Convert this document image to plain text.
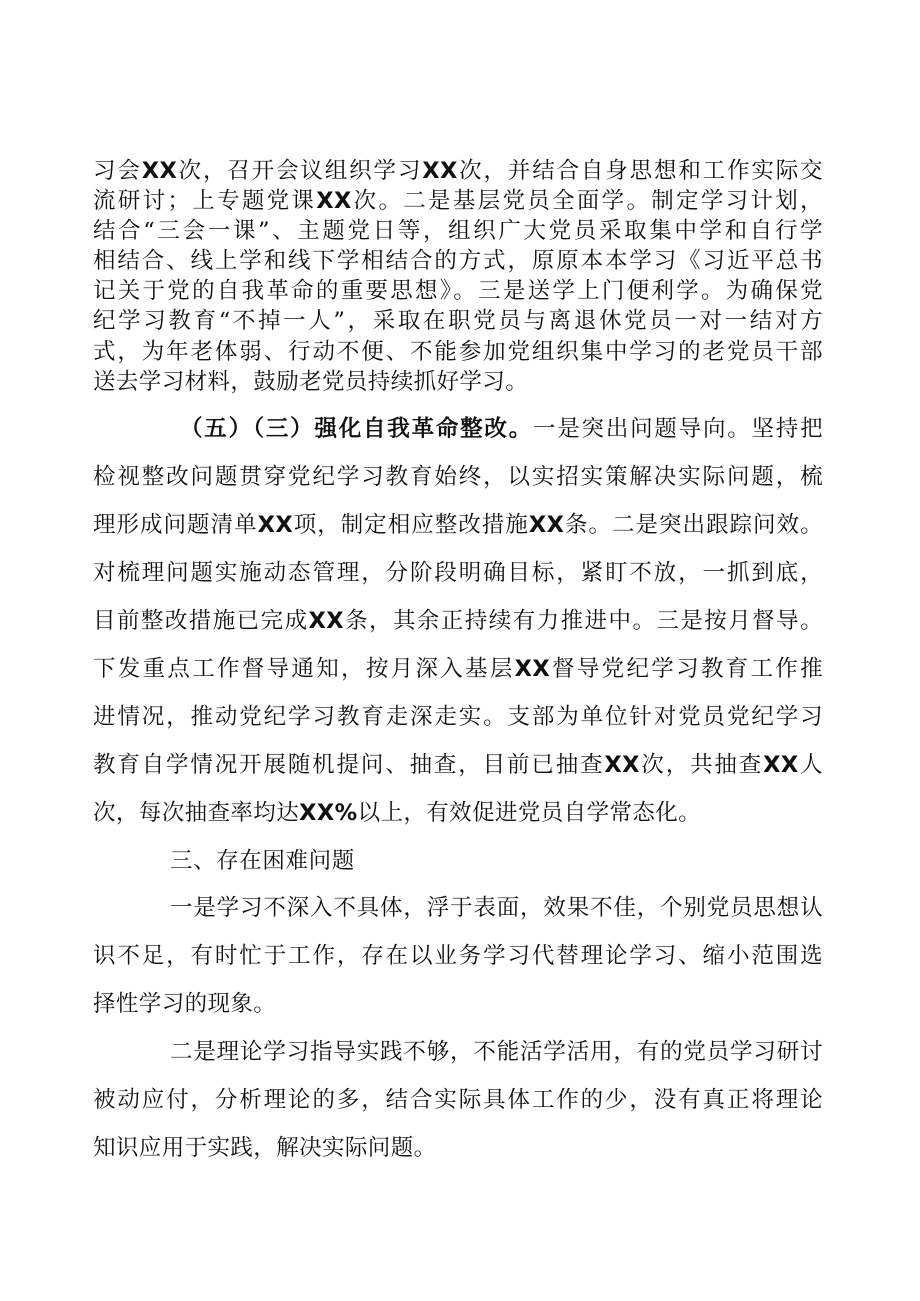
习会XX次，召开会议组织学习XX次，并结合自身思想和工作实际交
流研讨；上专题党课XX次。二是基层党员全面学。制定学习计划，
结合“三会一课”、主题党日等，组织广大党员采取集中学和自行学
相结合、线上学和线下学相结合的方式，原原本本学习《习近平总书
记关于党的自我革命的重要思想》。三是送学上门便利学。为确保党
纪学习教育“不掉一人”，采取在职党员与离退休党员一对一结对方
式，为年老体弱、行动不便、不能参加党组织集中学习的老党员干部
送去学习材料，鼓励老党员持续抓好学习。
（五）（三）强化自我革命整改。一是突出问题导向。坚持把
检视整改问题贯穿党纪学习教育始终，以实招实策解决实际问题，梳
理形成问题清单XX项，制定相应整改措施XX条。二是突出跟踪问效。
对梳理问题实施动态管理，分阶段明确目标，紧盯不放，一抓到底，
目前整改措施已完成XX条，其余正持续有力推进中。三是按月督导。
下发重点工作督导通知，按月深入基层XX督导党纪学习教育工作推
进情况，推动党纪学习教育走深走实。支部为单位针对党员党纪学习
教育自学情况开展随机提问、抽查，目前已抽查XX次，共抽查XX人
次，每次抽查率均达XX%以上，有效促进党员自学常态化。
三、存在困难问题
一是学习不深入不具体，浮于表面，效果不佳，个别党员思想认
识不足，有时忙于工作，存在以业务学习代替理论学习、缩小范围选
择性学习的现象。
二是理论学习指导实践不够，不能活学活用，有的党员学习研讨
被动应付，分析理论的多，结合实际具体工作的少，没有真正将理论
知识应用于实践，解决实际问题。
